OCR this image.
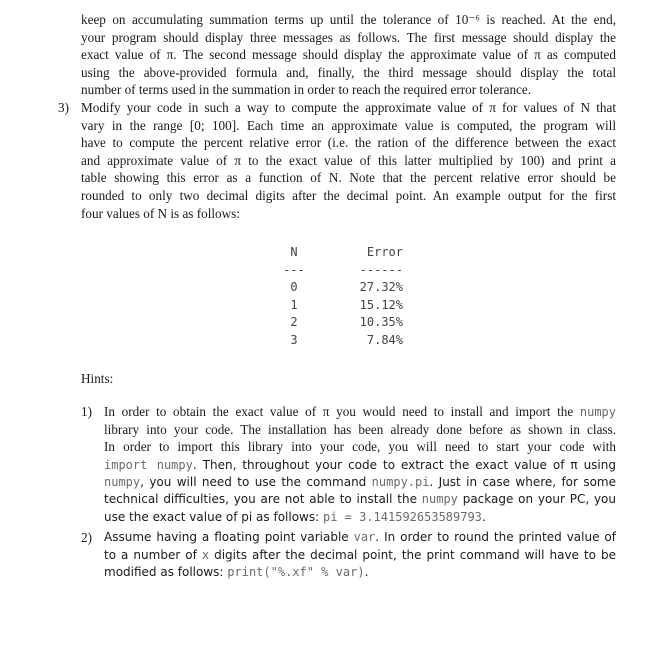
keep on accumulating summation terms up until the tolerance of 10⁻⁶ is reached. At the end,
your program should display three messages as follows. The first message should display the
exact value of π. The second message should display the approximate value of π as computed
using the above-provided formula and, finally, the third message should display the total
number of terms used in the summation in order to reach the required error tolerance.
3) Modify your code in such a way to compute the approximate value of π for values of N that
vary in the range [0; 100]. Each time an approximate value is computed, the program will
have to compute the percent relative error (i.e. the ration of the difference between the exact
and approximate value of π to the exact value of this latter multiplied by 100) and print a
table showing this error as a function of N. Note that the percent relative error should be
rounded to only two decimal digits after the decimal point. An example output for the first
four values of N is as follows:
N	Error
---	------
0	27.32%
1	15.12%
2	10.35%
3	7.84%
Hints:
1) In order to obtain the exact value of π you would need to install and import the numpy
library into your code. The installation has been already done before as shown in class.
In order to import this library into your code, you will need to start your code with
import numpy. Then, throughout your code to extract the exact value of π using
numpy, you will need to use the command numpy.pi. Just in case where, for some
technical difficulties, you are not able to install the numpy package on your PC, you
use the exact value of pi as follows: pi = 3.141592653589793.
2) Assume having a floating point variable var. In order to round the printed value of
to a number of x digits after the decimal point, the print command will have to be
modified as follows: print("%.xf" % var).
